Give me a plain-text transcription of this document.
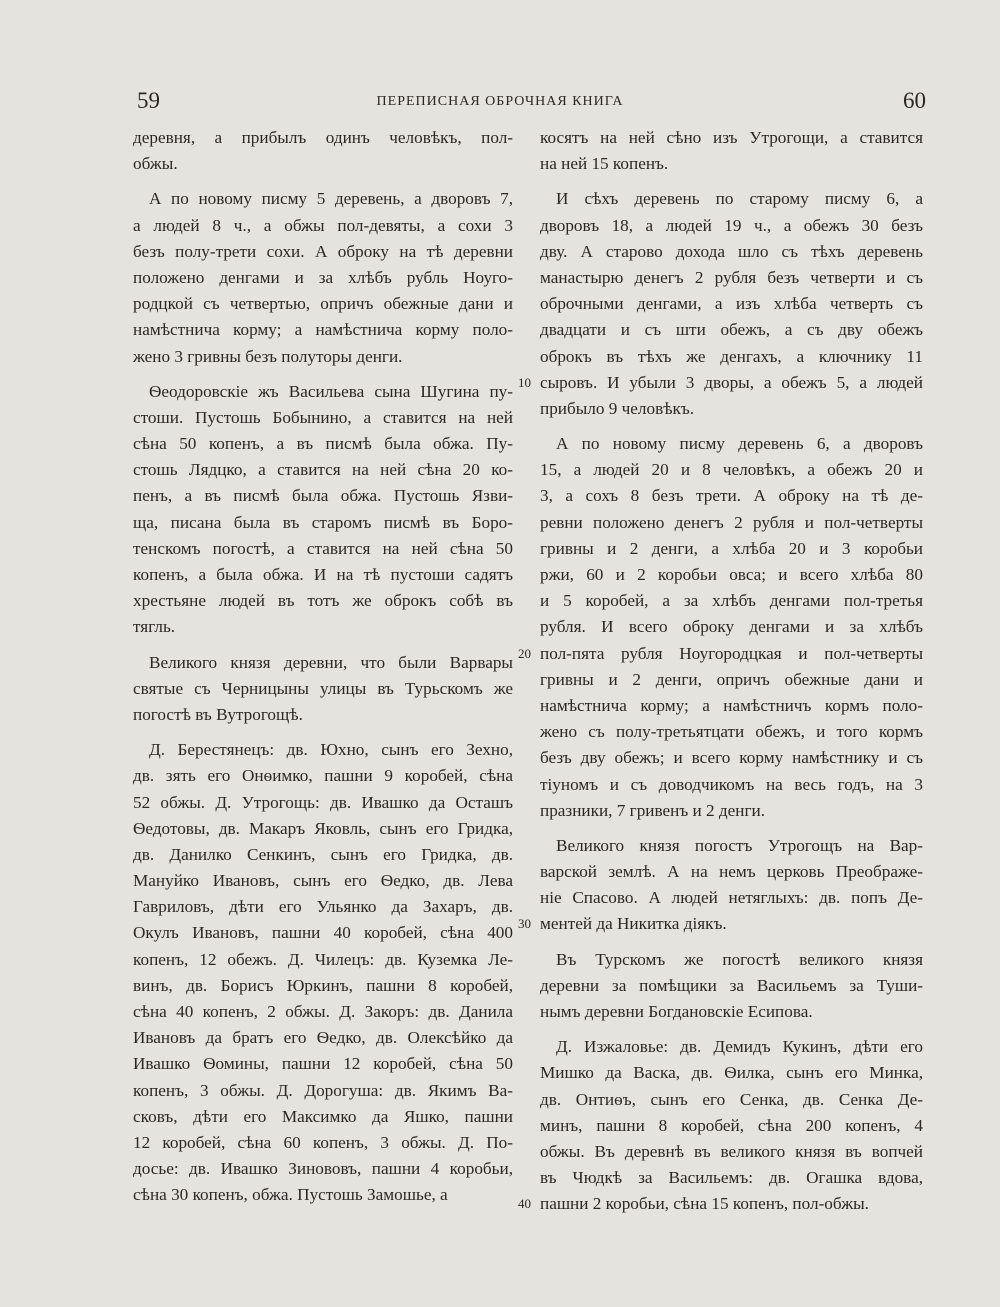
59	ПЕРЕПИСНАЯ ОБРОЧНАЯ КНИГА	60
деревня, а прибылъ одинъ человѣкъ, пол-
обжы.
А по новому писму 5 деревень, а дворовъ 7,
а людей 8 ч., а обжы пол-девяты, а сохи 3
безъ полу-трети сохи. А оброку на тѣ деревни
положено денгами и за хлѣбъ рубль Ноуго-
родцкой съ четвертью, опричъ обежные дани и
намѣстнича корму; а намѣстнича корму поло-
жено 3 гривны безъ полуторы денги.
Ѳеодоровскіе жъ Васильева сына Шугина пу-
стоши. Пустошь Бобынино, а ставится на ней
сѣна 50 копенъ, а въ писмѣ была обжа. Пу-
стошь Лядцко, а ставится на ней сѣна 20 ко-
пенъ, а въ писмѣ была обжа. Пустошь Язви-
ща, писана была въ старомъ писмѣ въ Боро-
тенскомъ погостѣ, а ставится на ней сѣна 50
копенъ, а была обжа. И на тѣ пустоши садятъ
хрестьяне людей въ тотъ же оброкъ собѣ въ
тягль.
Великого князя деревни, что были Варвары
святые съ Черницыны улицы въ Турьскомъ же
погостѣ въ Вутрогощѣ.
Д. Берестянецъ: дв. Юхно, сынъ его Зехно,
дв. зять его Онѳимко, пашни 9 коробей, сѣна
52 обжы. Д. Утрогощь: дв. Ивашко да Осташъ
Ѳедотовы, дв. Макаръ Яковль, сынъ его Гридка,
дв. Данилко Сенкинъ, сынъ его Гридка, дв.
Мануйко Ивановъ, сынъ его Ѳедко, дв. Лева
Гавриловъ, дѣти его Ульянко да Захаръ, дв.
Окулъ Ивановъ, пашни 40 коробей, сѣна 400
копенъ, 12 обежъ. Д. Чилецъ: дв. Куземка Ле-
винъ, дв. Борисъ Юркинъ, пашни 8 коробей,
сѣна 40 копенъ, 2 обжы. Д. Закоръ: дв. Данила
Ивановъ да братъ его Ѳедко, дв. Олексѣйко да
Ивашко Ѳомины, пашни 12 коробей, сѣна 50
копенъ, 3 обжы. Д. Дорогуша: дв. Якимъ Ва-
сковъ, дѣти его Максимко да Яшко, пашни
12 коробей, сѣна 60 копенъ, 3 обжы. Д. По-
досье: дв. Ивашко Зинововъ, пашни 4 коробьи,
сѣна 30 копенъ, обжа. Пустошь Замошье, а
косятъ на ней сѣно изъ Утрогощи, а ставится
на ней 15 копенъ.
И сѣхъ деревень по старому писму 6, а
дворовъ 18, а людей 19 ч., а обежъ 30 безъ
дву. А старово дохода шло съ тѣхъ деревень
манастырю денегъ 2 рубля безъ четверти и съ
оброчными денгами, а изъ хлѣба четверть съ
двадцати и съ шти обежъ, а съ дву обежъ
оброкъ въ тѣхъ же денгахъ, а ключнику 11
сыровъ. И убыли 3 дворы, а обежъ 5, а людей
прибыло 9 человѣкъ.
А по новому писму деревень 6, а дворовъ
15, а людей 20 и 8 человѣкъ, а обежъ 20 и
3, а сохъ 8 безъ трети. А оброку на тѣ де-
ревни положено денегъ 2 рубля и пол-четверты
гривны и 2 денги, а хлѣба 20 и 3 коробьи
ржи, 60 и 2 коробьи овса; и всего хлѣба 80
и 5 коробей, а за хлѣбъ денгами пол-третья
рубля. И всего оброку денгами и за хлѣбъ
пол-пята рубля Ноугородцкая и пол-четверты
гривны и 2 денги, опричъ обежные дани и
намѣстнича корму; а намѣстничъ кормъ поло-
жено съ полу-третьятцати обежъ, и того кормъ
безъ дву обежъ; и всего корму намѣстнику и съ
тіуномъ и съ доводчикомъ на весь годъ, на 3
празники, 7 гривенъ и 2 денги.
Великого князя погостъ Утрогощъ на Вар-
варской землѣ. А на немъ церковь Преображе-
ніе Спасово. А людей нетяглыхъ: дв. попъ Де-
ментей да Никитка діякъ.
Въ Турскомъ же погостѣ великого князя
деревни за помѣщики за Васильемъ за Туши-
нымъ деревни Богдановскіе Есипова.
Д. Изжаловье: дв. Демидъ Кукинъ, дѣти его
Мишко да Васка, дв. Ѳилка, сынъ его Минка,
дв. Онтиѳъ, сынъ его Сенка, дв. Сенка Де-
минъ, пашни 8 коробей, сѣна 200 копенъ, 4
обжы. Въ деревнѣ въ великого князя въ вопчей
въ Чюдкѣ за Васильемъ: дв. Огашка вдова,
пашни 2 коробьи, сѣна 15 копенъ, пол-обжы.
10
20
30
40
